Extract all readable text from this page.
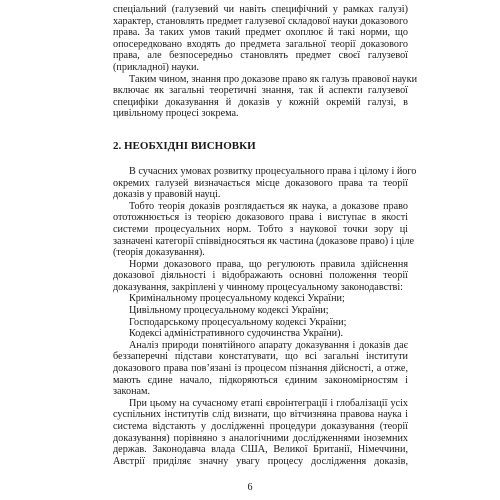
спеціальний (галузевий чи навіть специфічний у рамках галузі)
характер, становлять предмет галузевої складової науки доказового
права. За таких умов такий предмет охоплює й такі норми, що
опосередковано входять до предмета загальної теорії доказового
права, але безпосередньо становлять предмет своєї галузевої
(прикладної) науки.
Таким чином, знання про доказове право як галузь правової науки
включає як загальні теоретичні знання, так й аспекти галузевої
специфіки доказування й доказів у кожній окремій галузі, в
цивільному процесі зокрема.
2. НЕОБХІДНІ ВИСНОВКИ
В сучасних умовах розвитку процесуального права і цілому і його
окремих галузей визначається місце доказового права та теорії
доказів у правовій науці.
Тобто теорія доказів розглядається як наука, а доказове право
ототожнюється із теорією доказового права і виступає в якості
системи процесуальних норм. Тобто з наукової точки зору ці
зазначені категорії співвідносяться як частина (доказове право) і ціле
(теорія доказування).
Норми доказового права, що регулюють правила здійснення
доказової діяльності і відображають основні положення теорії
доказування, закріплені у чинному процесуальному законодавстві:
Кримінальному процесуальному кодексі України;
Цивільному процесуальному кодексі України;
Господарському процесуальному кодексі України;
Кодексі адміністративного судочинства України).
Аналіз природи понятійного апарату доказування і доказів дає
беззаперечні підстави констатувати, що всі загальні інститути
доказового права пов’язані із процесом пізнання дійсності, а отже,
мають єдине начало, підкоряються єдиним закономірностям і
законам.
При цьому на сучасному етапі євроінтеграції і глобалізації усіх
суспільних інститутів слід визнати, що вітчизняна правова наука і
система відстають у дослідженні процедури доказування (теорії
доказування) порівняно з аналогічними дослідженнями іноземних
держав. Законодавча влада США, Великої Британії, Німеччини,
Австрії приділяє значну увагу процесу дослідження доказів,
6
